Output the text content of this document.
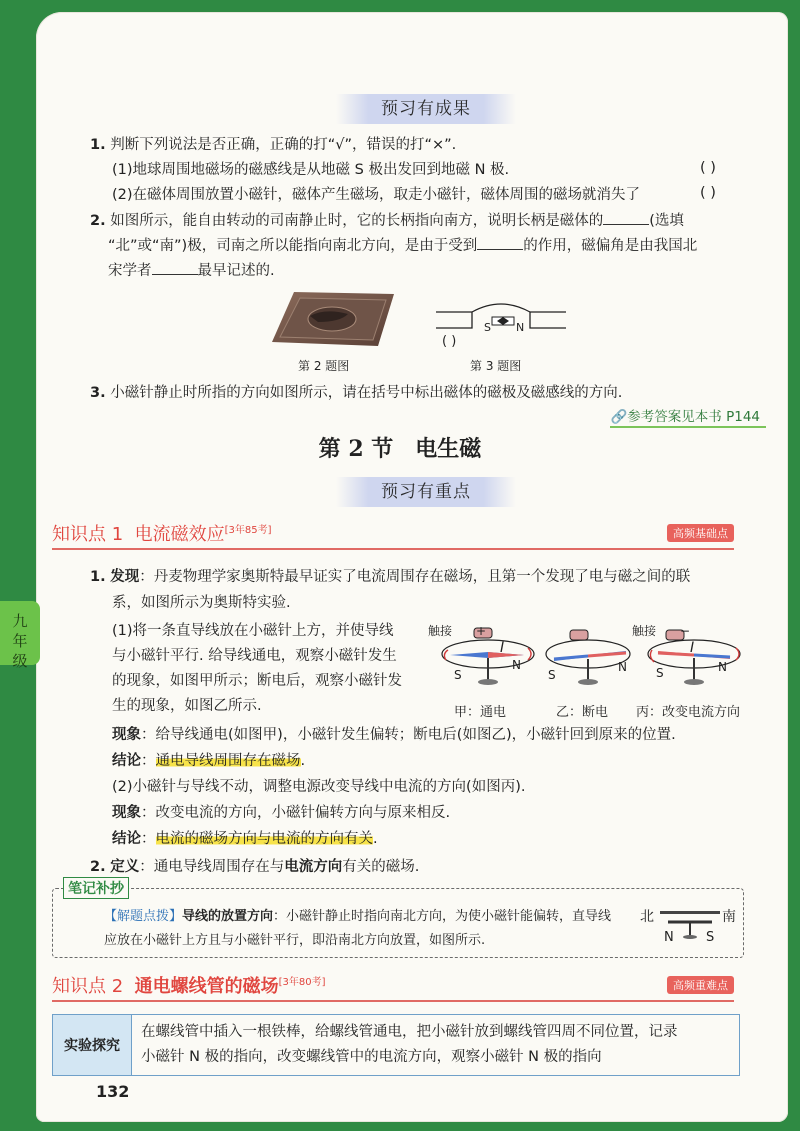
九年级
预习有成果
1. 判断下列说法是否正确，正确的打“√”，错误的打“×”.
(1)地球周围地磁场的磁感线是从地磁 S 极出发回到地磁 N 极.	( )
(2)在磁体周围放置小磁针，磁体产生磁场，取走小磁针，磁体周围的磁场就消失了	( )
2. 如图所示，能自由转动的司南静止时，它的长柄指向南方，说明长柄是磁体的	(选填
“北”或“南”)极，司南之所以能指向南北方向，是由于受到	的作用，磁偏角是由我国北
宋学者	最早记述的.
第 2 题图
( )
S N
第 3 题图
3. 小磁针静止时所指的方向如图所示，请在括号中标出磁体的磁极及磁感线的方向.
🔗参考答案见本书 P144
第 2 节　电生磁
预习有重点
知识点 1 电流磁效应[3年85考]	高频基础点
1. 发现：丹麦物理学家奥斯特最早证实了电流周围存在磁场，且第一个发现了电与磁之间的联
系，如图所示为奥斯特实验.
(1)将一条直导线放在小磁针上方，并使导线
与小磁针平行. 给导线通电，观察小磁针发生
的现象，如图甲所示；断电后，观察小磁针发
生的现象，如图乙所示.
触接 +
I
S
N
S
N
触接 −
I
S	N
甲：通电	乙：断电 丙：改变电流方向
现象：给导线通电(如图甲)，小磁针发生偏转；断电后(如图乙)，小磁针回到原来的位置.
结论：通电导线周围存在磁场.
(2)小磁针与导线不动，调整电源改变导线中电流的方向(如图丙).
现象：改变电流的方向，小磁针偏转方向与原来相反.
结论：电流的磁场方向与电流的方向有关.
2. 定义：通电导线周围存在与电流方向有关的磁场.
笔记补抄
【解题点拨】导线的放置方向：小磁针静止时指向南北方向，为使小磁针能偏转，直导线
应放在小磁针上方且与小磁针平行，即沿南北方向放置，如图所示.
北	南
N S
知识点 2 通电螺线管的磁场[3年80考]	高频重难点
实验探究
在螺线管中插入一根铁棒，给螺线管通电，把小磁针放到螺线管四周不同位置，记录
小磁针 N 极的指向，改变螺线管中的电流方向，观察小磁针 N 极的指向
132
